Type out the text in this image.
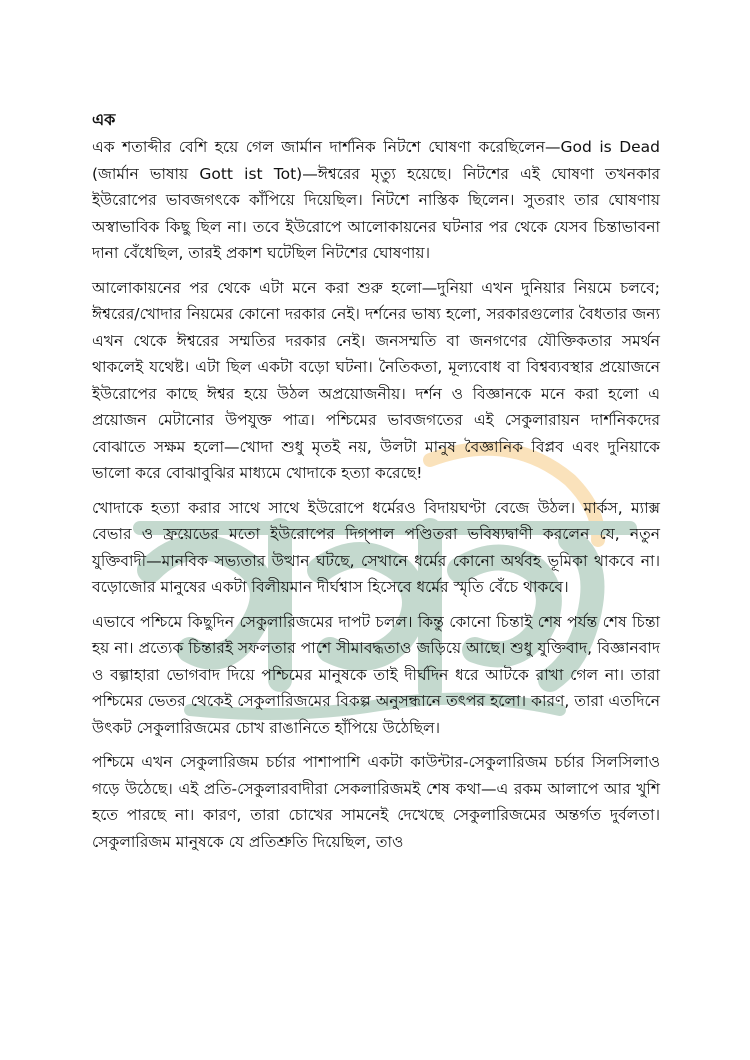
এক

এক শতাব্দীর বেশি হয়ে গেল জার্মান দার্শনিক নিটশে ঘোষণা করেছিলেন—God is Dead (জার্মান ভাষায় Gott ist Tot)—ঈশ্বরের মৃত্যু হয়েছে। নিটশের এই ঘোষণা তখনকার ইউরোপের ভাবজগৎকে কাঁপিয়ে দিয়েছিল। নিটশে নাস্তিক ছিলেন। সুতরাং তার ঘোষণায় অস্বাভাবিক কিছু ছিল না। তবে ইউরোপে আলোকায়নের ঘটনার পর থেকে যেসব চিন্তাভাবনা দানা বেঁধেছিল, তারই প্রকাশ ঘটেছিল নিটশের ঘোষণায়।

আলোকায়নের পর থেকে এটা মনে করা শুরু হলো—দুনিয়া এখন দুনিয়ার নিয়মে চলবে; ঈশ্বরের/খোদার নিয়মের কোনো দরকার নেই। দর্শনের ভাষ্য হলো, সরকারগুলোর বৈধতার জন্য এখন থেকে ঈশ্বরের সম্মতির দরকার নেই। জনসম্মতি বা জনগণের যৌক্তিকতার সমর্থন থাকলেই যথেষ্ট। এটা ছিল একটা বড়ো ঘটনা। নৈতিকতা, মূল্যবোধ বা বিশ্বব্যবস্থার প্রয়োজনে ইউরোপের কাছে ঈশ্বর হয়ে উঠল অপ্রয়োজনীয়। দর্শন ও বিজ্ঞানকে মনে করা হলো এ প্রয়োজন মেটানোর উপযুক্ত পাত্র। পশ্চিমের ভাবজগতের এই সেকুলারায়ন দার্শনিকদের বোঝাতে সক্ষম হলো—খোদা শুধু মৃতই নয়, উলটা মানুষ বৈজ্ঞানিক বিপ্লব এবং দুনিয়াকে ভালো করে বোঝাবুঝির মাধ্যমে খোদাকে হত্যা করেছে!

খোদাকে হত্যা করার সাথে সাথে ইউরোপে ধর্মেরও বিদায়ঘণ্টা বেজে উঠল। মার্কস, ম্যাক্স বেভার ও ফ্রয়েডের মতো ইউরোপের দিগ্‌পাল পণ্ডিতরা ভবিষ্যদ্বাণী করলেন যে, নতুন যুক্তিবাদী—মানবিক সভ্যতার উত্থান ঘটছে, সেখানে ধর্মের কোনো অর্থবহ ভূমিকা থাকবে না। বড়োজোর মানুষের একটা বিলীয়মান দীর্ঘশ্বাস হিসেবে ধর্মের স্মৃতি বেঁচে থাকবে।

এভাবে পশ্চিমে কিছুদিন সেকুলারিজমের দাপট চলল। কিন্তু কোনো চিন্তাই শেষ পর্যন্ত শেষ চিন্তা হয় না। প্রত্যেক চিন্তারই সফলতার পাশে সীমাবদ্ধতাও জড়িয়ে আছে। শুধু যুক্তিবাদ, বিজ্ঞানবাদ ও বল্গাহারা ভোগবাদ দিয়ে পশ্চিমের মানুষকে তাই দীর্ঘদিন ধরে আটকে রাখা গেল না। তারা পশ্চিমের ভেতর থেকেই সেকুলারিজমের বিকল্প অনুসন্ধানে তৎপর হলো। কারণ, তারা এতদিনে উৎকট সেকুলারিজমের চোখ রাঙানিতে হাঁপিয়ে উঠেছিল।

পশ্চিমে এখন সেকুলারিজম চর্চার পাশাপাশি একটা কাউন্টার-সেকুলারিজম চর্চার সিলসিলাও গড়ে উঠেছে। এই প্রতি-সেকুলারবাদীরা সেকলারিজমই শেষ কথা—এ রকম আলাপে আর খুশি হতে পারছে না। কারণ, তারা চোখের সামনেই দেখেছে সেকুলারিজমের অন্তর্গত দুর্বলতা। সেকুলারিজম মানুষকে যে প্রতিশ্রুতি দিয়েছিল, তাও
